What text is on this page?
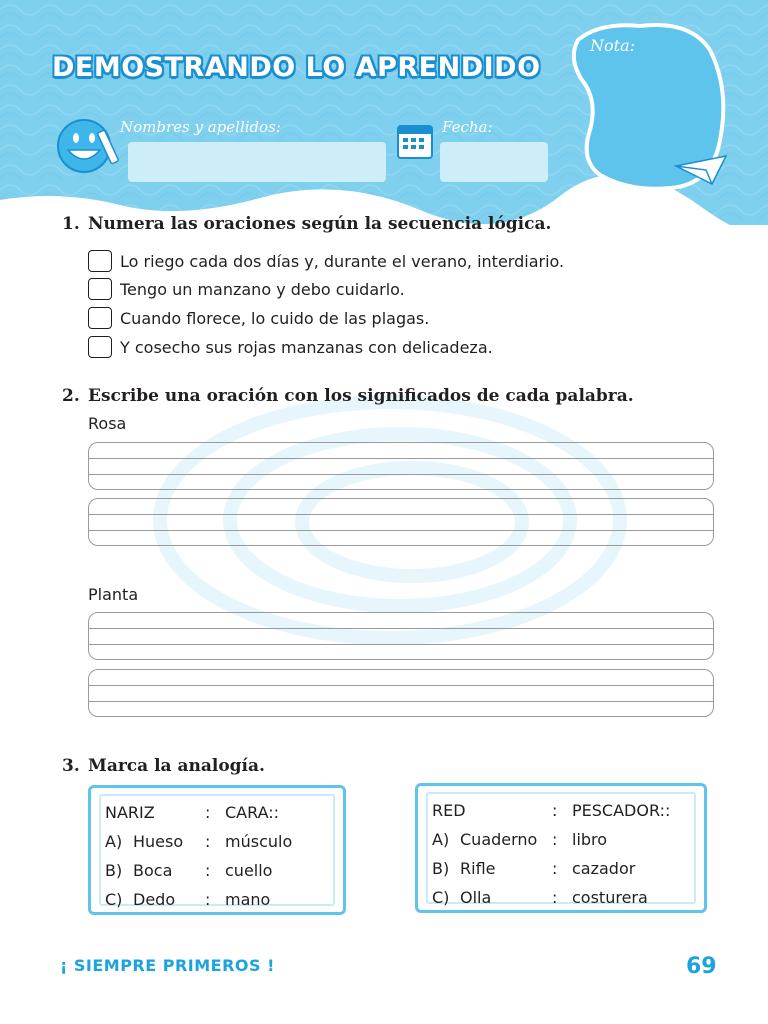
DEMOSTRANDO LO APRENDIDO
Nombres y apellidos:	Fecha:
Nota:
1. Numera las oraciones según la secuencia lógica.
Lo riego cada dos días y, durante el verano, interdiario.
Tengo un manzano y debo cuidarlo.
Cuando florece, lo cuido de las plagas.
Y cosecho sus rojas manzanas con delicadeza.
2. Escribe una oración con los significados de cada palabra.
Rosa
Planta
3. Marca la analogía.
NARIZ	: CARA::
A) Hueso	: músculo
B) Boca	: cuello
C) Dedo	: mano
RED	: PESCADOR::
A) Cuaderno : libro
B) Rifle	: cazador
C) Olla	: costurera
¡ SIEMPRE PRIMEROS !	69
